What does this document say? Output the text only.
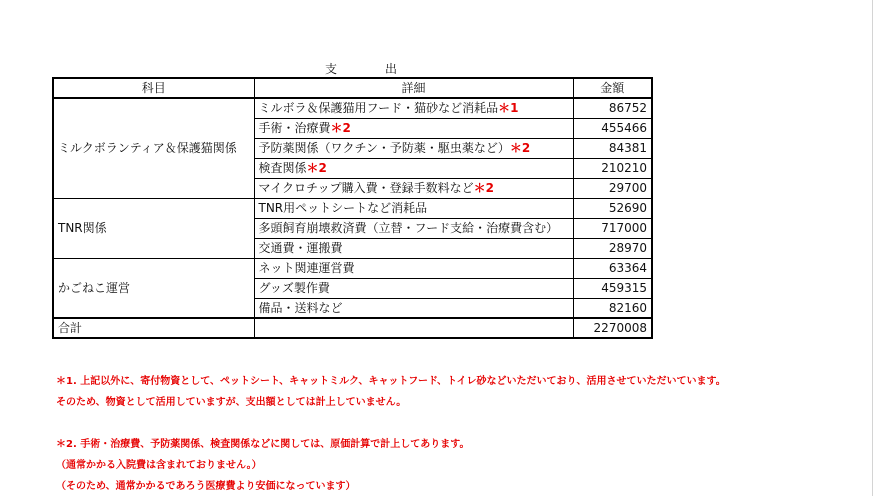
支　出
科目	詳細	金額
ミルクボランティア＆保護猫関係	ミルボラ＆保護猫用フード・猫砂など消耗品＊1	86752
	手術・治療費＊2	455466
	予防薬関係（ワクチン・予防薬・駆虫薬など）＊2	84381
	検査関係＊2	210210
	マイクロチップ購入費・登録手数料など＊2	29700
TNR関係	TNR用ペットシートなど消耗品	52690
	多頭飼育崩壊救済費（立替・フード支給・治療費含む）	717000
	交通費・運搬費	28970
かごねこ運営	ネット関連運営費	63364
	グッズ製作費	459315
	備品・送料など	82160
合計		2270008
＊1. 上記以外に、寄付物資として、ペットシート、キャットミルク、キャットフード、トイレ砂などいただいており、活用させていただいています。
そのため、物資として活用していますが、支出額としては計上していません。
＊2. 手術・治療費、予防薬関係、検査関係などに関しては、原価計算で計上してあります。
（通常かかる入院費は含まれておりません。）
（そのため、通常かかるであろう医療費より安価になっています）
